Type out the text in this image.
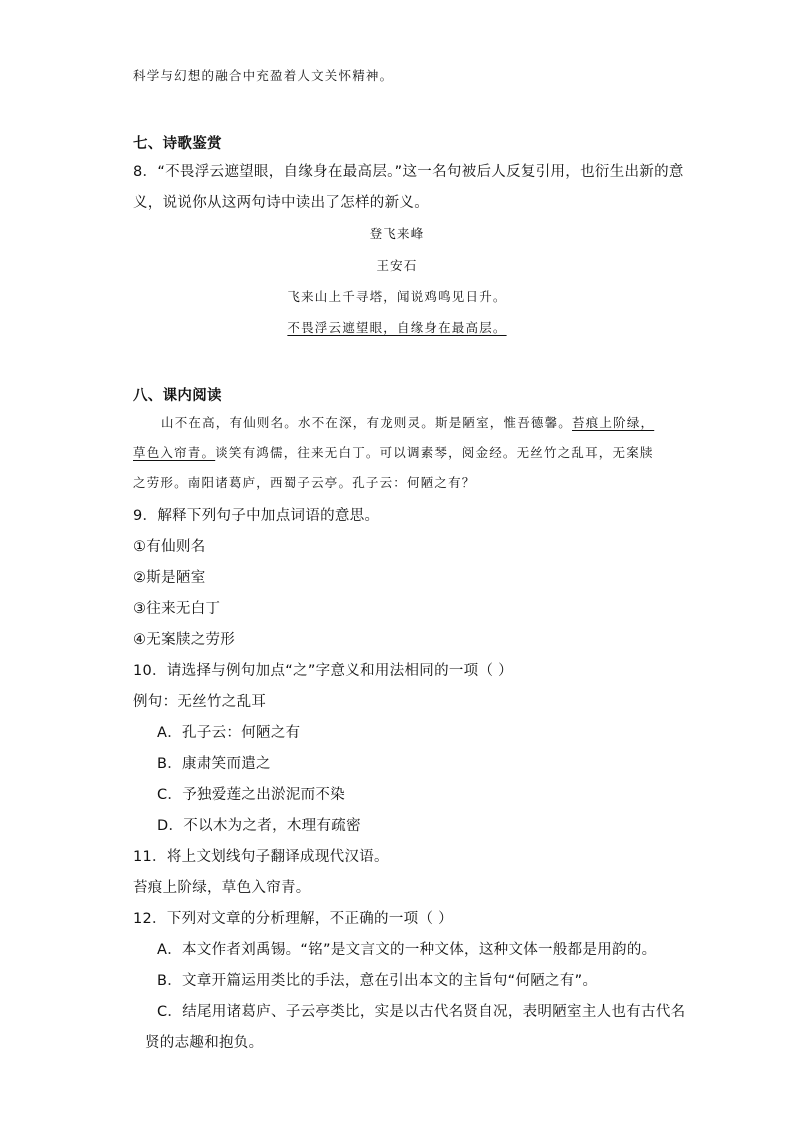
科学与幻想的融合中充盈着人文关怀精神。
七、诗歌鉴赏
8．“不畏浮云遮望眼，自缘身在最高层。”这一名句被后人反复引用，也衍生出新的意
义，说说你从这两句诗中读出了怎样的新义。
登飞来峰
王安石
飞来山上千寻塔，闻说鸡鸣见日升。
不畏浮云遮望眼，自缘身在最高层。
八、课内阅读
山不在高，有仙则名。水不在深，有龙则灵。斯是陋室，惟吾德馨。苔痕上阶绿，
草色入帘青。谈笑有鸿儒，往来无白丁。可以调素琴，阅金经。无丝竹之乱耳，无案牍
之劳形。南阳诸葛庐，西蜀子云亭。孔子云：何陋之有？
9．解释下列句子中加点词语的意思。
①有仙则名
②斯是陋室
③往来无白丁
④无案牍之劳形
10．请选择与例句加点“之”字意义和用法相同的一项（ ）
例句：无丝竹之乱耳
A．孔子云：何陋之有
B．康肃笑而遣之
C．予独爱莲之出淤泥而不染
D．不以木为之者，木理有疏密
11．将上文划线句子翻译成现代汉语。
苔痕上阶绿，草色入帘青。
12．下列对文章的分析理解，不正确的一项（ ）
A．本文作者刘禹锡。“铭”是文言文的一种文体，这种文体一般都是用韵的。
B．文章开篇运用类比的手法，意在引出本文的主旨句“何陋之有”。
C．结尾用诸葛庐、子云亭类比，实是以古代名贤自况，表明陋室主人也有古代名
贤的志趣和抱负。
